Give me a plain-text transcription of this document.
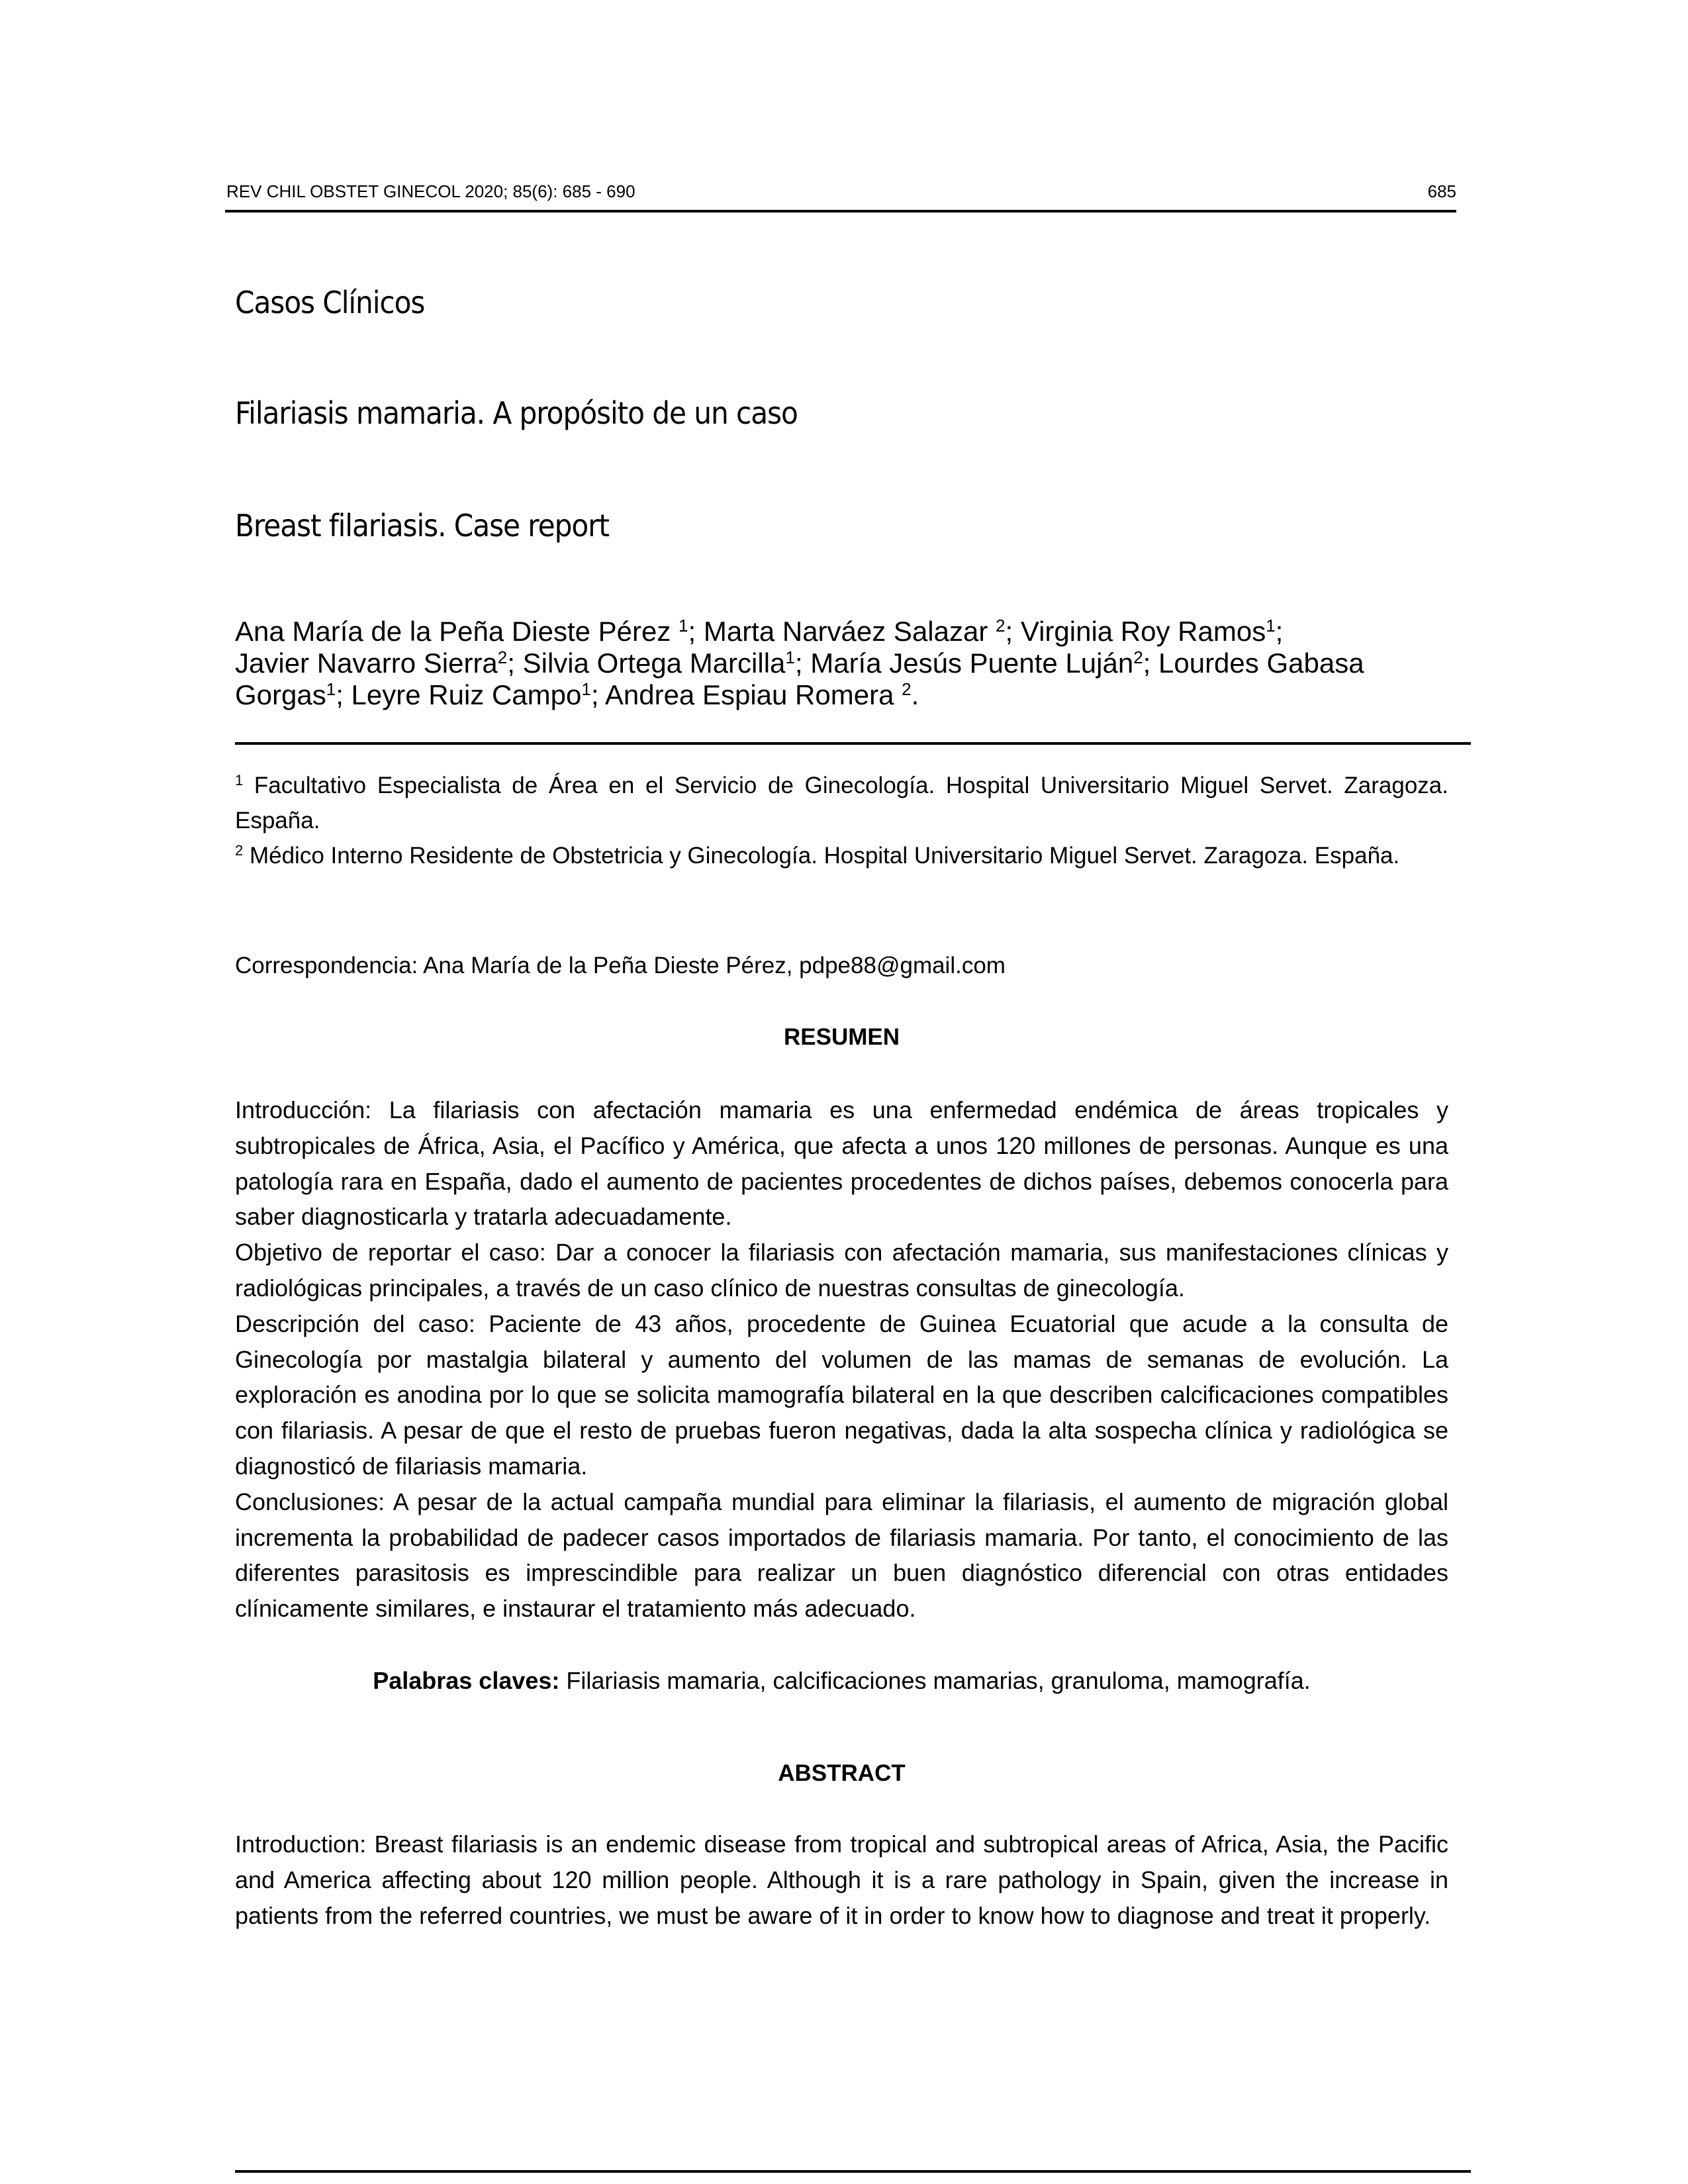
REV CHIL OBSTET GINECOL 2020; 85(6): 685 - 690	685
Casos Clínicos
Filariasis mamaria. A propósito de un caso
Breast filariasis. Case report
Ana María de la Peña Dieste Pérez $^1$; Marta Narváez Salazar $^2$; Virginia Roy Ramos$^1$;
Javier Navarro Sierra$^2$; Silvia Ortega Marcilla$^1$; María Jesús Puente Luján$^2$; Lourdes Gabasa Gorgas$^1$; Leyre Ruiz Campo$^1$; Andrea Espiau Romera $^2$.

$^1$ Facultativo Especialista de Área en el Servicio de Ginecología. Hospital Universitario Miguel Servet. Zaragoza. España.

$^2$ Médico Interno Residente de Obstetricia y Ginecología. Hospital Universitario Miguel Servet. Zaragoza. España.

Correspondencia: Ana María de la Peña Dieste Pérez, pdpe88@gmail.com
RESUMEN

Introducción: La filariasis con afectación mamaria es una enfermedad endémica de áreas tropicales y subtropicales de África, Asia, el Pacífico y América, que afecta a unos 120 millones de personas. Aunque es una patología rara en España, dado el aumento de pacientes procedentes de dichos países, debemos conocerla para saber diagnosticarla y tratarla adecuadamente.

Objetivo de reportar el caso: Dar a conocer la filariasis con afectación mamaria, sus manifestaciones clínicas y radiológicas principales, a través de un caso clínico de nuestras consultas de ginecología.

Descripción del caso: Paciente de 43 años, procedente de Guinea Ecuatorial que acude a la consulta de Ginecología por mastalgia bilateral y aumento del volumen de las mamas de semanas de evolución. La exploración es anodina por lo que se solicita mamografía bilateral en la que describen calcificaciones compatibles con filariasis. A pesar de que el resto de pruebas fueron negativas, dada la alta sospecha clínica y radiológica se diagnosticó de filariasis mamaria.

Conclusiones: A pesar de la actual campaña mundial para eliminar la filariasis, el aumento de migración global incrementa la probabilidad de padecer casos importados de filariasis mamaria. Por tanto, el conocimiento de las diferentes parasitosis es imprescindible para realizar un buen diagnóstico diferencial con otras entidades clínicamente similares, e instaurar el tratamiento más adecuado.

Palabras claves: Filariasis mamaria, calcificaciones mamarias, granuloma, mamografía.
ABSTRACT

Introduction: Breast filariasis is an endemic disease from tropical and subtropical areas of Africa, Asia, the Pacific and America affecting about 120 million people. Although it is a rare pathology in Spain, given the increase in patients from the referred countries, we must be aware of it in order to know how to diagnose and treat it properly.
